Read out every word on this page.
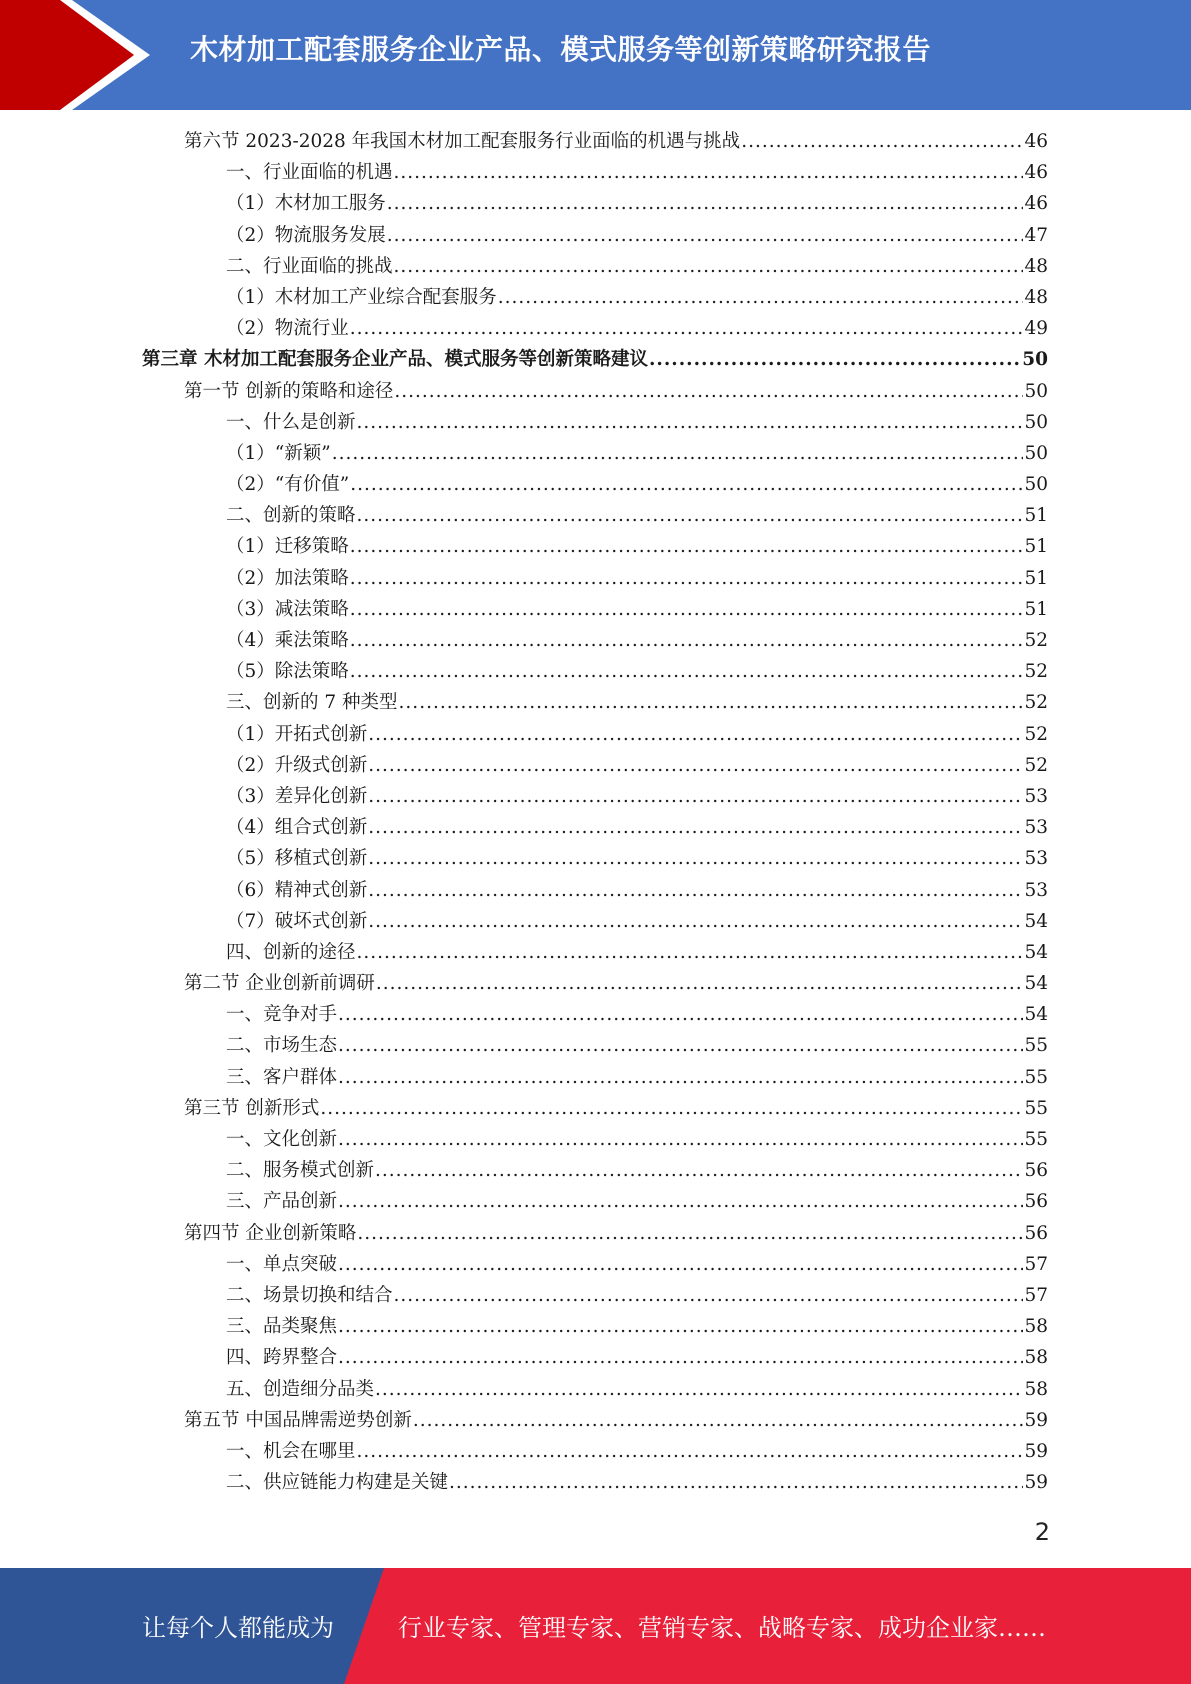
木材加工配套服务企业产品、模式服务等创新策略研究报告
第六节 2023-2028 年我国木材加工配套服务行业面临的机遇与挑战 .....	46
一、行业面临的机遇 .....	46
（1）木材加工服务 .....	46
（2）物流服务发展 .....	47
二、行业面临的挑战 .....	48
（1）木材加工产业综合配套服务 .....	48
（2）物流行业 .....	49
第三章 木材加工配套服务企业产品、模式服务等创新策略建议 .....	50
第一节 创新的策略和途径 .....	50
一、什么是创新 .....	50
（1）“新颖” .....	50
（2）“有价值” .....	50
二、创新的策略 .....	51
（1）迁移策略 .....	51
（2）加法策略 .....	51
（3）减法策略 .....	51
（4）乘法策略 .....	52
（5）除法策略 .....	52
三、创新的 7 种类型 .....	52
（1）开拓式创新 .....	52
（2）升级式创新 .....	52
（3）差异化创新 .....	53
（4）组合式创新 .....	53
（5）移植式创新 .....	53
（6）精神式创新 .....	53
（7）破坏式创新 .....	54
四、创新的途径 .....	54
第二节 企业创新前调研 .....	54
一、竞争对手 .....	54
二、市场生态 .....	55
三、客户群体 .....	55
第三节 创新形式 .....	55
一、文化创新 .....	55
二、服务模式创新 .....	56
三、产品创新 .....	56
第四节 企业创新策略 .....	56
一、单点突破 .....	57
二、场景切换和结合 .....	57
三、品类聚焦 .....	58
四、跨界整合 .....	58
五、创造细分品类 .....	58
第五节 中国品牌需逆势创新 .....	59
一、机会在哪里 .....	59
二、供应链能力构建是关键 .....	59
2
让每个人都能成为	行业专家、管理专家、营销专家、战略专家、成功企业家……
